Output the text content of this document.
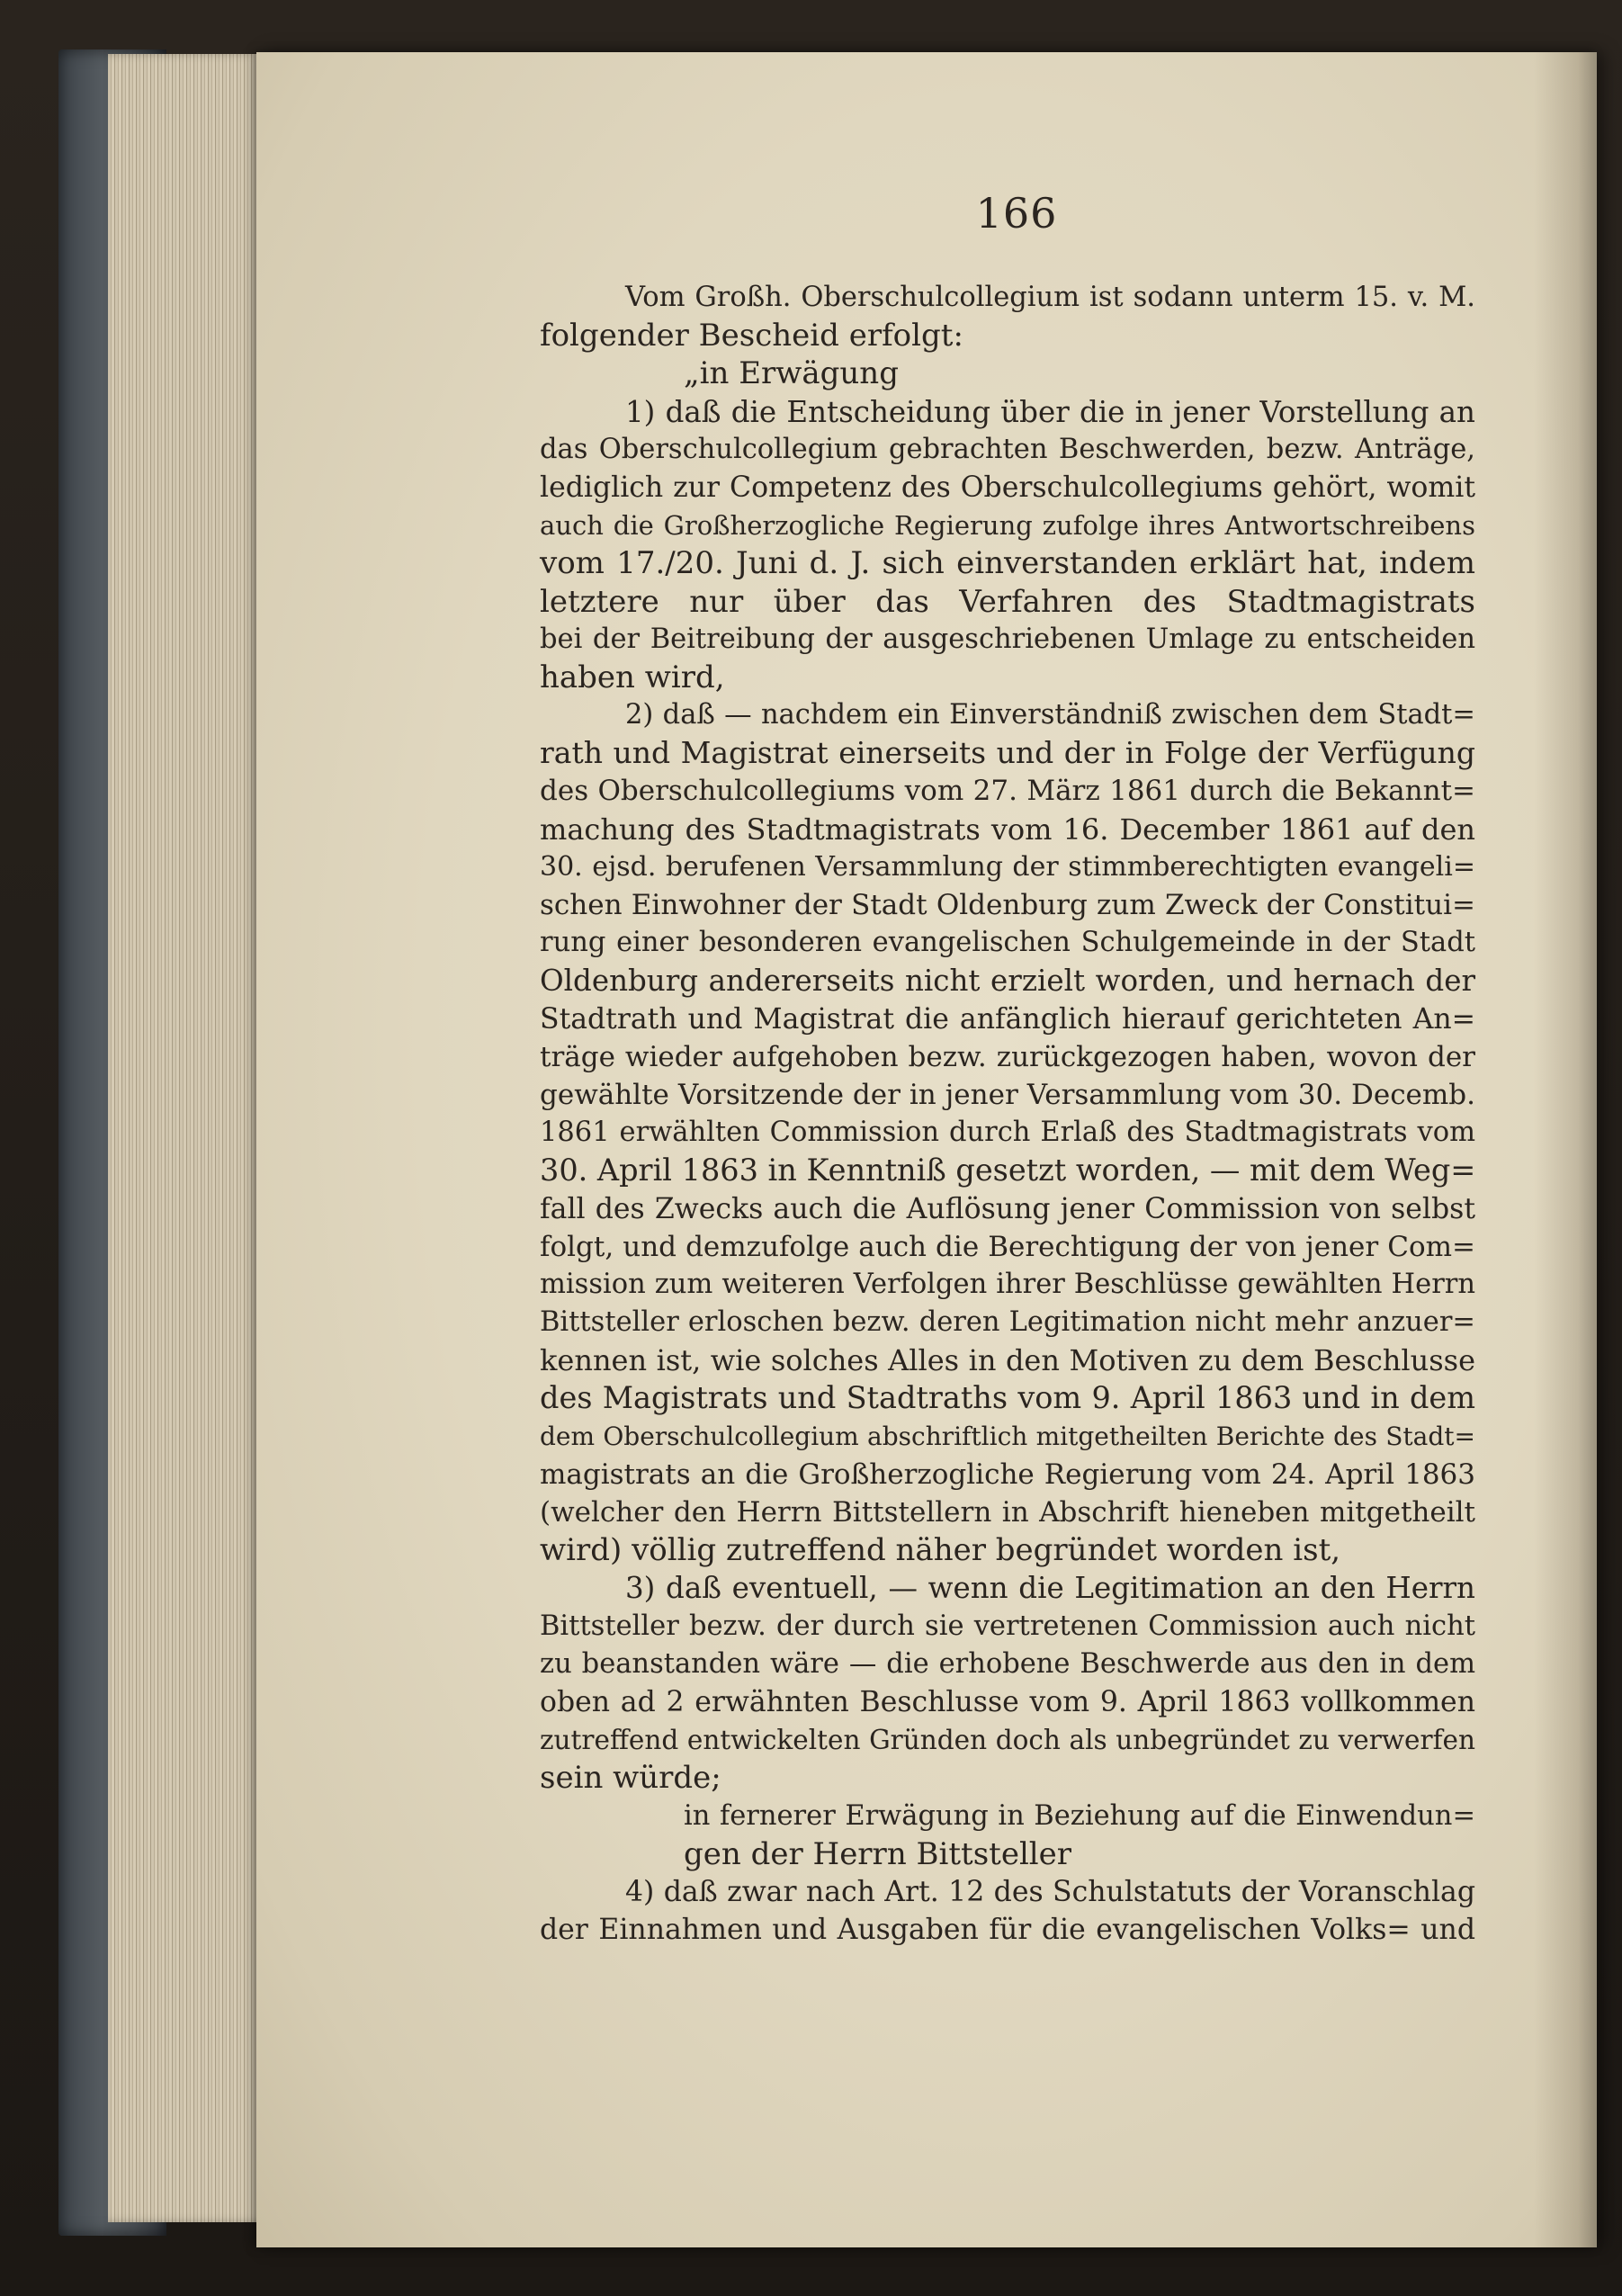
166
Vom Großh. Oberschulcollegium ist sodann unterm 15. v. M.
folgender Bescheid erfolgt:
„in Erwägung
1) daß die Entscheidung über die in jener Vorstellung an
das Oberschulcollegium gebrachten Beschwerden, bezw. Anträge,
lediglich zur Competenz des Oberschulcollegiums gehört, womit
auch die Großherzogliche Regierung zufolge ihres Antwortschreibens
vom 17./20. Juni d. J. sich einverstanden erklärt hat, indem
letztere nur über das Verfahren des Stadtmagistrats
bei der Beitreibung der ausgeschriebenen Umlage zu entscheiden
haben wird,
2) daß — nachdem ein Einverständniß zwischen dem Stadt=
rath und Magistrat einerseits und der in Folge der Verfügung
des Oberschulcollegiums vom 27. März 1861 durch die Bekannt=
machung des Stadtmagistrats vom 16. December 1861 auf den
30. ejsd. berufenen Versammlung der stimmberechtigten evangeli=
schen Einwohner der Stadt Oldenburg zum Zweck der Constitui=
rung einer besonderen evangelischen Schulgemeinde in der Stadt
Oldenburg andererseits nicht erzielt worden, und hernach der
Stadtrath und Magistrat die anfänglich hierauf gerichteten An=
träge wieder aufgehoben bezw. zurückgezogen haben, wovon der
gewählte Vorsitzende der in jener Versammlung vom 30. Decemb.
1861 erwählten Commission durch Erlaß des Stadtmagistrats vom
30. April 1863 in Kenntniß gesetzt worden, — mit dem Weg=
fall des Zwecks auch die Auflösung jener Commission von selbst
folgt, und demzufolge auch die Berechtigung der von jener Com=
mission zum weiteren Verfolgen ihrer Beschlüsse gewählten Herrn
Bittsteller erloschen bezw. deren Legitimation nicht mehr anzuer=
kennen ist, wie solches Alles in den Motiven zu dem Beschlusse
des Magistrats und Stadtraths vom 9. April 1863 und in dem
dem Oberschulcollegium abschriftlich mitgetheilten Berichte des Stadt=
magistrats an die Großherzogliche Regierung vom 24. April 1863
(welcher den Herrn Bittstellern in Abschrift hieneben mitgetheilt
wird) völlig zutreffend näher begründet worden ist,
3) daß eventuell, — wenn die Legitimation an den Herrn
Bittsteller bezw. der durch sie vertretenen Commission auch nicht
zu beanstanden wäre — die erhobene Beschwerde aus den in dem
oben ad 2 erwähnten Beschlusse vom 9. April 1863 vollkommen
zutreffend entwickelten Gründen doch als unbegründet zu verwerfen
sein würde;
in fernerer Erwägung in Beziehung auf die Einwendun=
gen der Herrn Bittsteller
4) daß zwar nach Art. 12 des Schulstatuts der Voranschlag
der Einnahmen und Ausgaben für die evangelischen Volks= und
